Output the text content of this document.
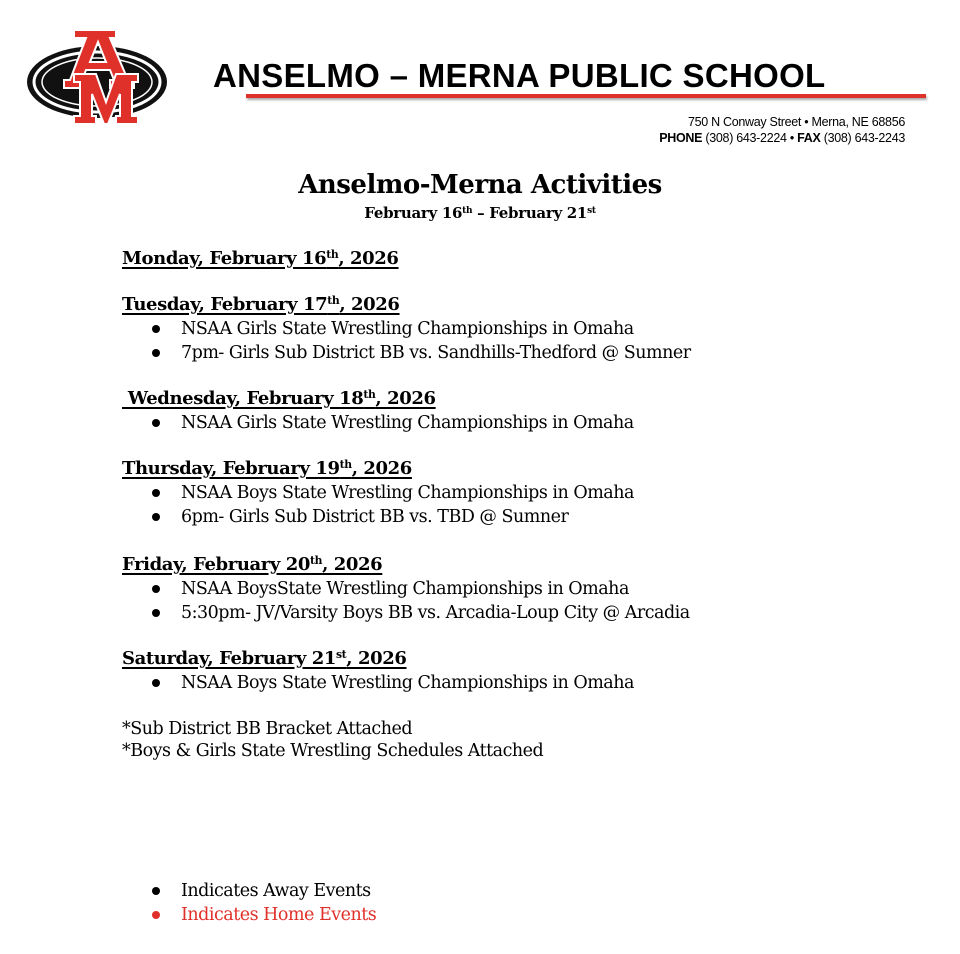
ANSELMO – MERNA PUBLIC SCHOOL
750 N Conway Street • Merna, NE 68856
PHONE (308) 643-2224 • FAX (308) 643-2243
Anselmo-Merna Activities
February 16th – February 21st
Monday, February 16th, 2026
Tuesday, February 17th, 2026
NSAA Girls State Wrestling Championships in Omaha
7pm- Girls Sub District BB vs. Sandhills-Thedford @ Sumner
Wednesday, February 18th, 2026
NSAA Girls State Wrestling Championships in Omaha
Thursday, February 19th, 2026
NSAA Boys State Wrestling Championships in Omaha
6pm- Girls Sub District BB vs. TBD @ Sumner
Friday, February 20th, 2026
NSAA BoysState Wrestling Championships in Omaha
5:30pm- JV/Varsity Boys BB vs. Arcadia-Loup City @ Arcadia
Saturday, February 21st, 2026
NSAA Boys State Wrestling Championships in Omaha
*Sub District BB Bracket Attached
*Boys & Girls State Wrestling Schedules Attached
Indicates Away Events
Indicates Home Events
